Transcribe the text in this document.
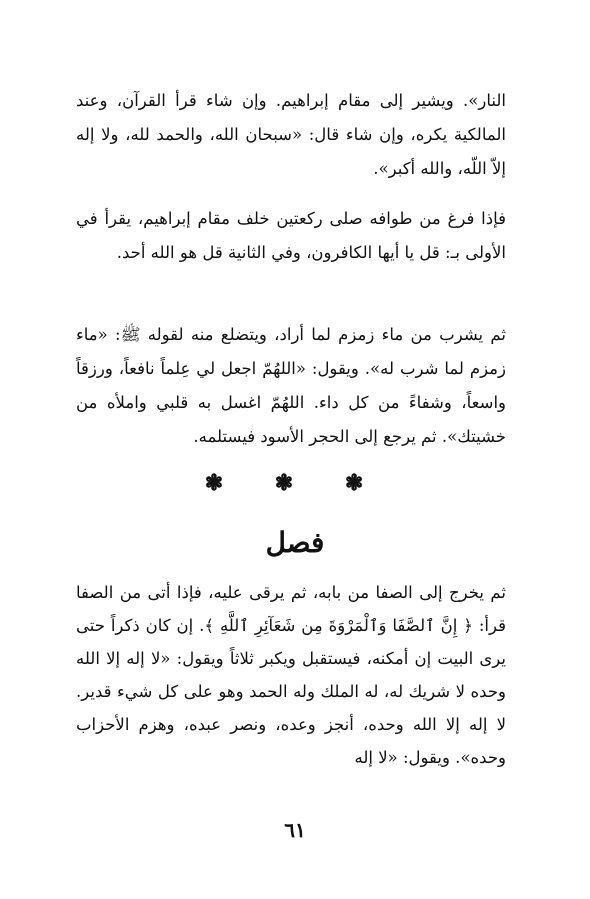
النار». ويشير إلى مقام إبراهيم. وإن شاء قرأ القرآن، وعند المالكية يكره، وإن شاء قال: «سبحان الله، والحمد لله، ولا إله إلاّ اللّه، والله أكبر».

فإذا فرغ من طوافه صلى ركعتين خلف مقام إبراهيم، يقرأ في الأولى بـ: قل يا أيها الكافرون، وفي الثانية قل هو الله أحد.

ثم يشرب من ماء زمزم لما أراد، ويتضلع منه لقوله ﷺ: «ماء زمزم لما شرب له». ويقول: «اللهُمّ اجعل لي عِلماً نافعاً، ورزقاً واسعاً، وشفاءً من كل داء. اللهُمّ اغسل به قلبي واملأه من خشيتك». ثم يرجع إلى الحجر الأسود فيستلمه.

❃ ❃ ❃
فصل

ثم يخرج إلى الصفا من بابه، ثم يرقى عليه، فإذا أتى من الصفا قرأ: ﴿ إِنَّ ٱلصَّفَا وَٱلْمَرْوَةَ مِن شَعَآئِرِ ٱللَّهِ ﴾. إن كان ذكراً حتى يرى البيت إن أمكنه، فيستقبل ويكبر ثلاثاً ويقول: «لا إله إلا الله وحده لا شريك له، له الملك وله الحمد وهو على كل شيء قدير. لا إله إلا الله وحده، أنجز وعده، ونصر عبده، وهزم الأحزاب وحده». ويقول: «لا إله

٦١
